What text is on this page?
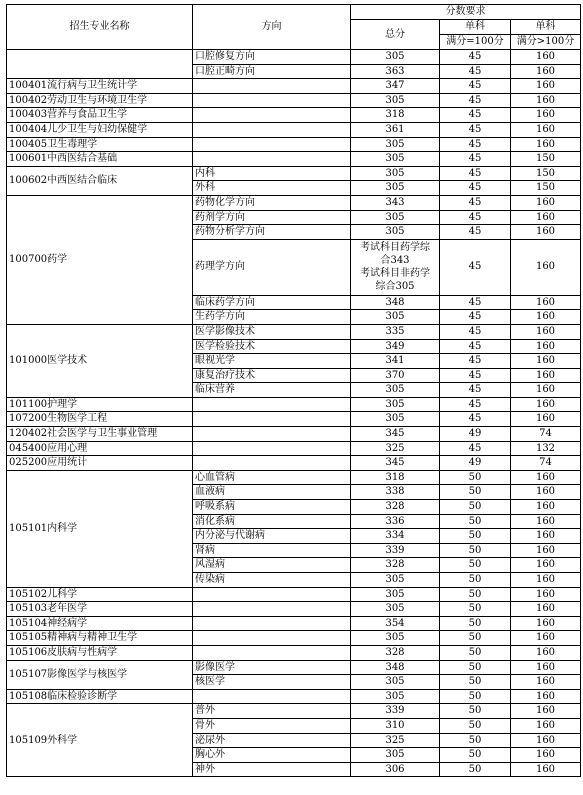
招生专业名称	方向	分数要求		
		总分	单科	单科
			满分=100分	满分>100分
	口腔修复方向	305	45	160
	口腔正畸方向	363	45	160
100401流行病与卫生统计学		347	45	160
100402劳动卫生与环境卫生学		305	45	160
100403营养与食品卫生学		318	45	160
100404儿少卫生与妇幼保健学		361	45	160
100405卫生毒理学		305	45	160
100601中西医结合基础		305	45	150
100602中西医结合临床	内科	305	45	150
	外科	305	45	150
100700药学	药物化学方向	343	45	160
	药剂学方向	305	45	160
	药物分析学方向	305	45	160
	药理学方向	考试科目药学综
合343
考试科目非药学
综合305	45	160
	临床药学方向	348	45	160
	生药学方向	305	45	160
101000医学技术	医学影像技术	335	45	160
	医学检验技术	349	45	160
	眼视光学	341	45	160
	康复治疗技术	370	45	160
	临床营养	305	45	160
101100护理学		305	45	160
107200生物医学工程		305	45	160
120402社会医学与卫生事业管理		345	49	74
045400应用心理		325	45	132
025200应用统计		345	49	74
105101内科学	心血管病	318	50	160
	血液病	338	50	160
	呼吸系病	328	50	160
	消化系病	336	50	160
	内分泌与代谢病	334	50	160
	肾病	339	50	160
	风湿病	328	50	160
	传染病	305	50	160
105102儿科学		305	50	160
105103老年医学		305	50	160
105104神经病学		354	50	160
105105精神病与精神卫生学		305	50	160
105106皮肤病与性病学		328	50	160
105107影像医学与核医学	影像医学	348	50	160
	核医学	305	50	160
105108临床检验诊断学		305	50	160
105109外科学	普外	339	50	160
	骨外	310	50	160
	泌尿外	325	50	160
	胸心外	305	50	160
	神外	306	50	160
